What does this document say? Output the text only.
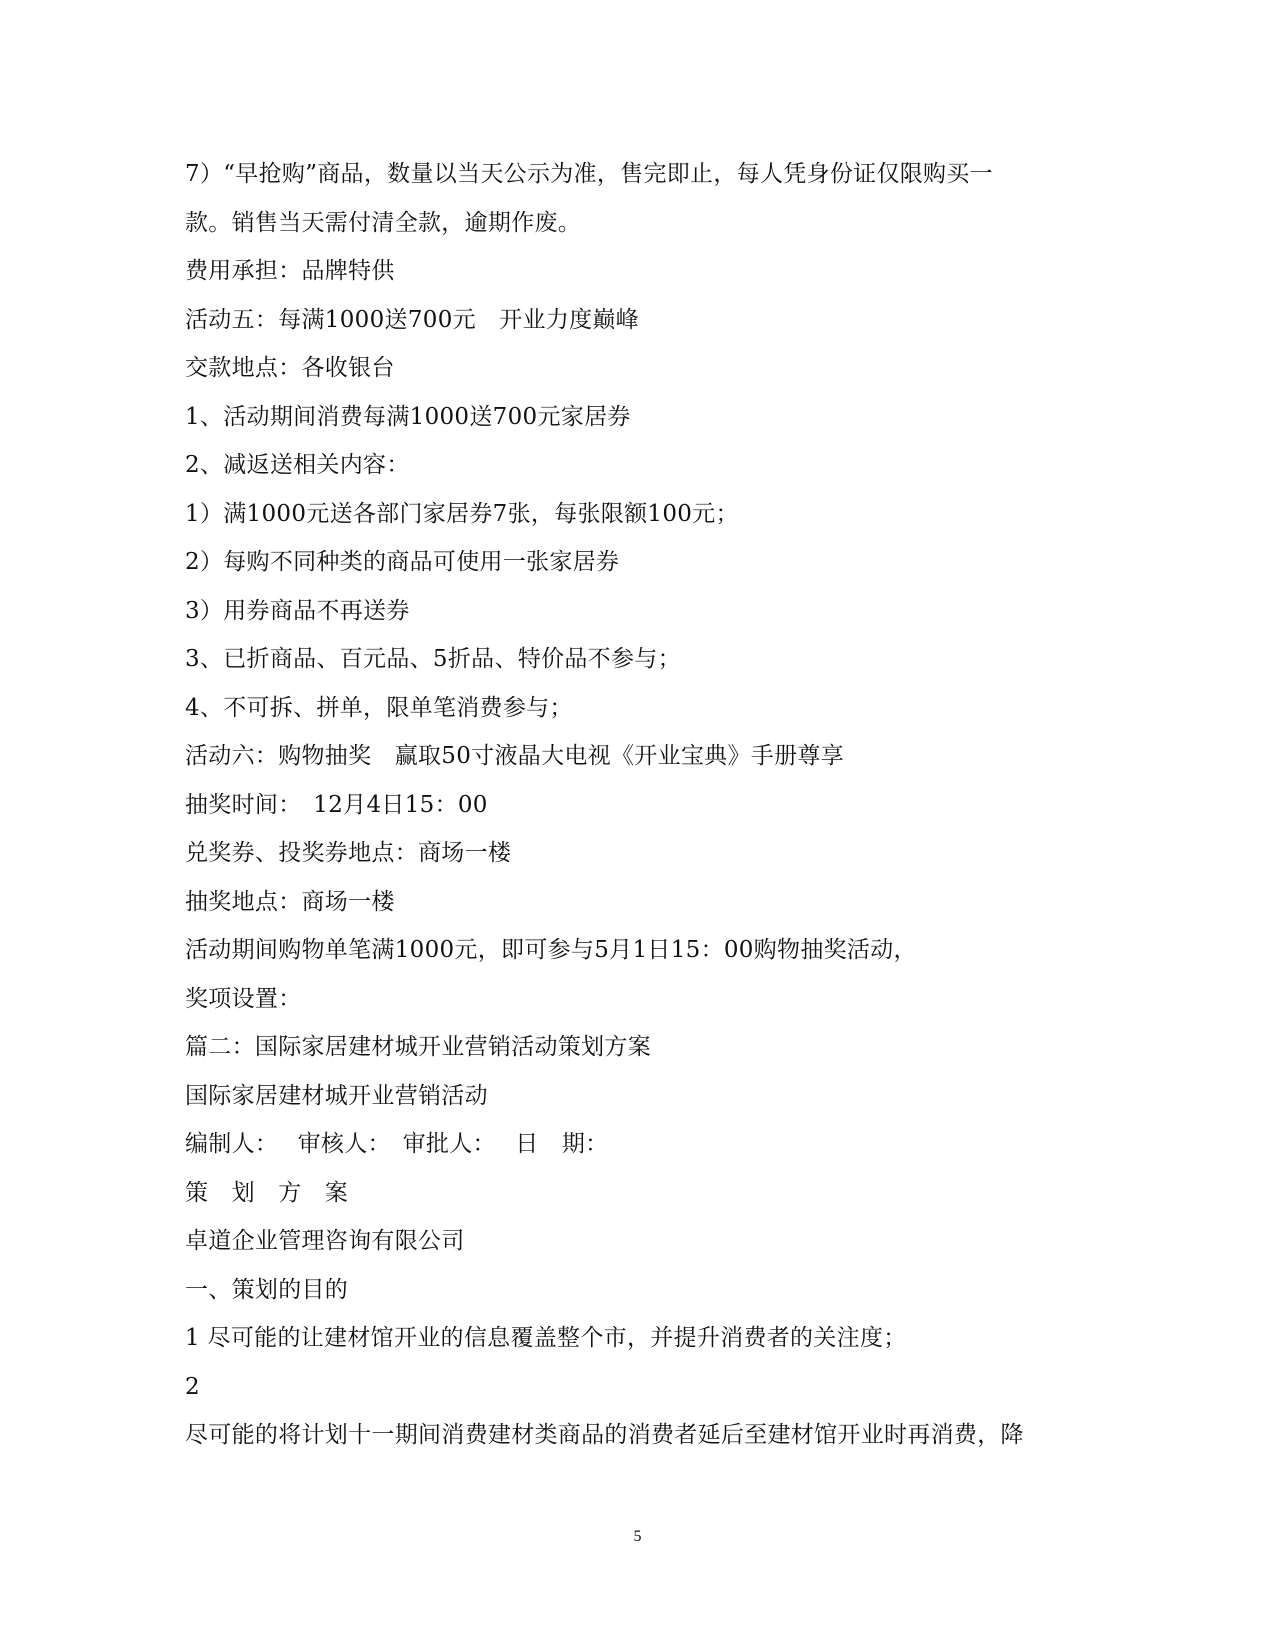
7）“早抢购”商品，数量以当天公示为准，售完即止，每人凭身份证仅限购买一
款。销售当天需付清全款，逾期作废。
费用承担：品牌特供
活动五：每满1000送700元　开业力度巅峰
交款地点：各收银台
1、活动期间消费每满1000送700元家居券
2、减返送相关内容：
1）满1000元送各部门家居券7张，每张限额100元；
2）每购不同种类的商品可使用一张家居券
3）用券商品不再送券
3、已折商品、百元品、5折品、特价品不参与；
4、不可拆、拼单，限单笔消费参与；
活动六：购物抽奖　赢取50寸液晶大电视《开业宝典》手册尊享
抽奖时间：　12月4日15：00
兑奖券、投奖券地点：商场一楼
抽奖地点：商场一楼
活动期间购物单笔满1000元，即可参与5月1日15：00购物抽奖活动，
奖项设置：
篇二：国际家居建材城开业营销活动策划方案
国际家居建材城开业营销活动
编制人：　 审核人：　审批人：　 日　期：
策　划　方　案
卓道企业管理咨询有限公司
一、策划的目的
1 尽可能的让建材馆开业的信息覆盖整个市，并提升消费者的关注度；
2
尽可能的将计划十一期间消费建材类商品的消费者延后至建材馆开业时再消费，降
5
